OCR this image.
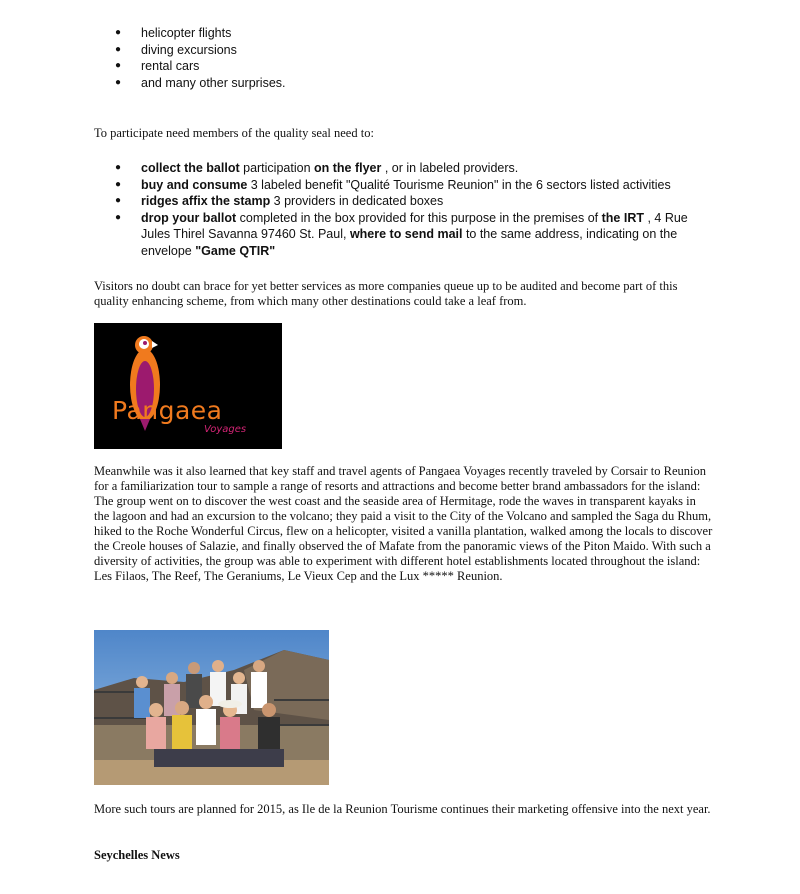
● helicopter flights
● diving excursions
● rental cars
● and many other surprises.
To participate need members of the quality seal need to:
● collect the ballot participation on the flyer , or in labeled providers.
● buy and consume 3 labeled benefit "Qualité Tourisme Reunion" in the 6 sectors listed activities
● ridges affix the stamp 3 providers in dedicated boxes
● drop your ballot completed in the box provided for this purpose in the premises of the IRT , 4 Rue Jules Thirel Savanna 97460 St. Paul, where to send mail to the same address, indicating on the envelope "Game QTIR"
Visitors no doubt can brace for yet better services as more companies queue up to be audited and become part of this quality enhancing scheme, from which many other destinations could take a leaf from.
Pangaea
Voyages
Meanwhile was it also learned that key staff and travel agents of Pangaea Voyages recently traveled by Corsair to Reunion for a familiarization tour to sample a range of resorts and attractions and become better brand ambassadors for the island:
The group went on to discover the west coast and the seaside area of Hermitage, rode the waves in transparent kayaks in the lagoon and had an excursion to the volcano; they paid a visit to the City of the Volcano and sampled the Saga du Rhum, hiked to the Roche Wonderful Circus, flew on a helicopter, visited a vanilla plantation, walked among the locals to discover the Creole houses of Salazie, and finally observed the of Mafate from the panoramic views of the Piton Maido. With such a diversity of activities, the group was able to experiment with different hotel establishments located throughout the island: Les Filaos, The Reef, The Geraniums, Le Vieux Cep and the Lux ***** Reunion.
More such tours are planned for 2015, as Ile de la Reunion Tourisme continues their marketing offensive into the next year.
Seychelles News
